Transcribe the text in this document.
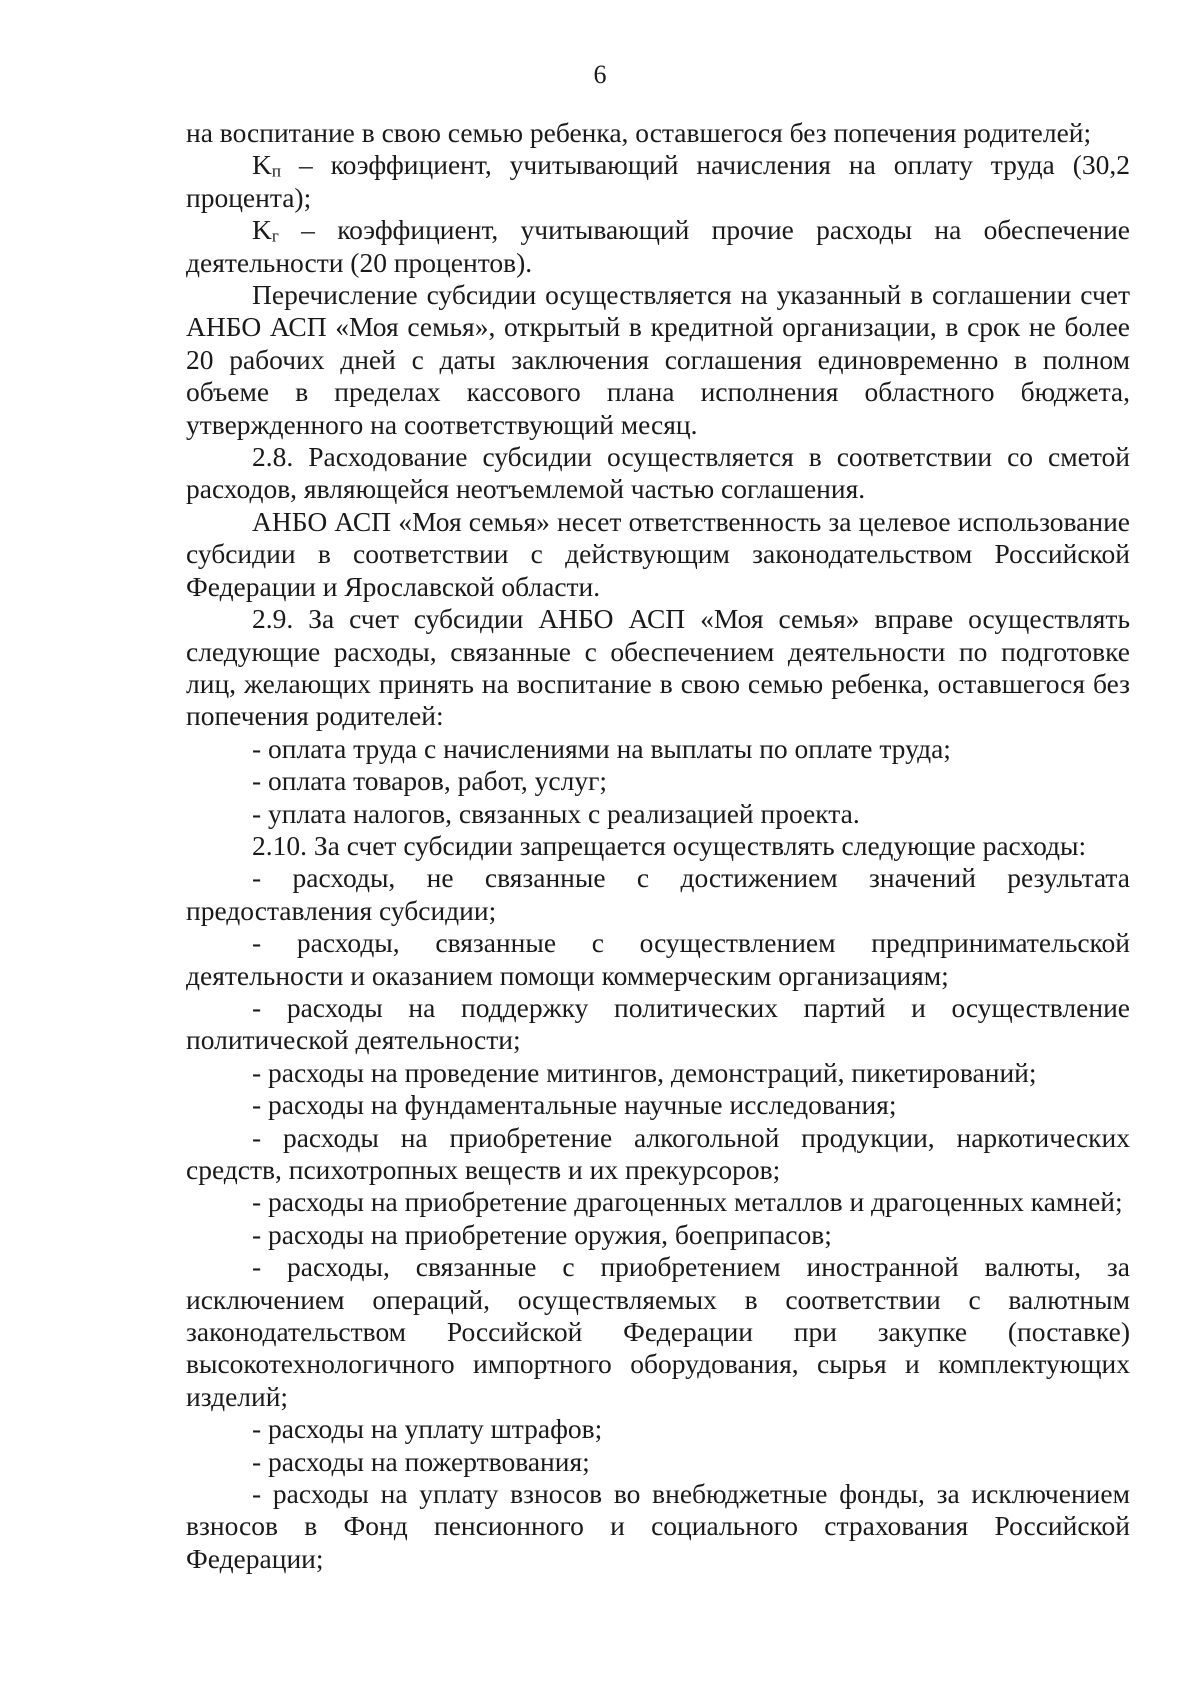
6

на воспитание в свою семью ребенка, оставшегося без попечения родителей;

Kп – коэффициент, учитывающий начисления на оплату труда (30,2 процента);

Kг – коэффициент, учитывающий прочие расходы на обеспечение деятельности (20 процентов).

Перечисление субсидии осуществляется на указанный в соглашении счет АНБО АСП «Моя семья», открытый в кредитной организации, в срок не более 20 рабочих дней с даты заключения соглашения единовременно в полном объеме в пределах кассового плана исполнения областного бюджета, утвержденного на соответствующий месяц.

2.8. Расходование субсидии осуществляется в соответствии со сметой расходов, являющейся неотъемлемой частью соглашения.

АНБО АСП «Моя семья» несет ответственность за целевое использование субсидии в соответствии с действующим законодательством Российской Федерации и Ярославской области.

2.9. За счет субсидии АНБО АСП «Моя семья» вправе осуществлять следующие расходы, связанные с обеспечением деятельности по подготовке лиц, желающих принять на воспитание в свою семью ребенка, оставшегося без попечения родителей:

- оплата труда с начислениями на выплаты по оплате труда;

- оплата товаров, работ, услуг;

- уплата налогов, связанных с реализацией проекта.

2.10. За счет субсидии запрещается осуществлять следующие расходы:

- расходы, не связанные с достижением значений результата предоставления субсидии;

- расходы, связанные с осуществлением предпринимательской деятельности и оказанием помощи коммерческим организациям;

- расходы на поддержку политических партий и осуществление политической деятельности;

- расходы на проведение митингов, демонстраций, пикетирований;

- расходы на фундаментальные научные исследования;

- расходы на приобретение алкогольной продукции, наркотических средств, психотропных веществ и их прекурсоров;

- расходы на приобретение драгоценных металлов и драгоценных камней;

- расходы на приобретение оружия, боеприпасов;

- расходы, связанные с приобретением иностранной валюты, за исключением операций, осуществляемых в соответствии с валютным законодательством Российской Федерации при закупке (поставке) высокотехнологичного импортного оборудования, сырья и комплектующих изделий;

- расходы на уплату штрафов;

- расходы на пожертвования;

- расходы на уплату взносов во внебюджетные фонды, за исключением взносов в Фонд пенсионного и социального страхования Российской Федерации;
